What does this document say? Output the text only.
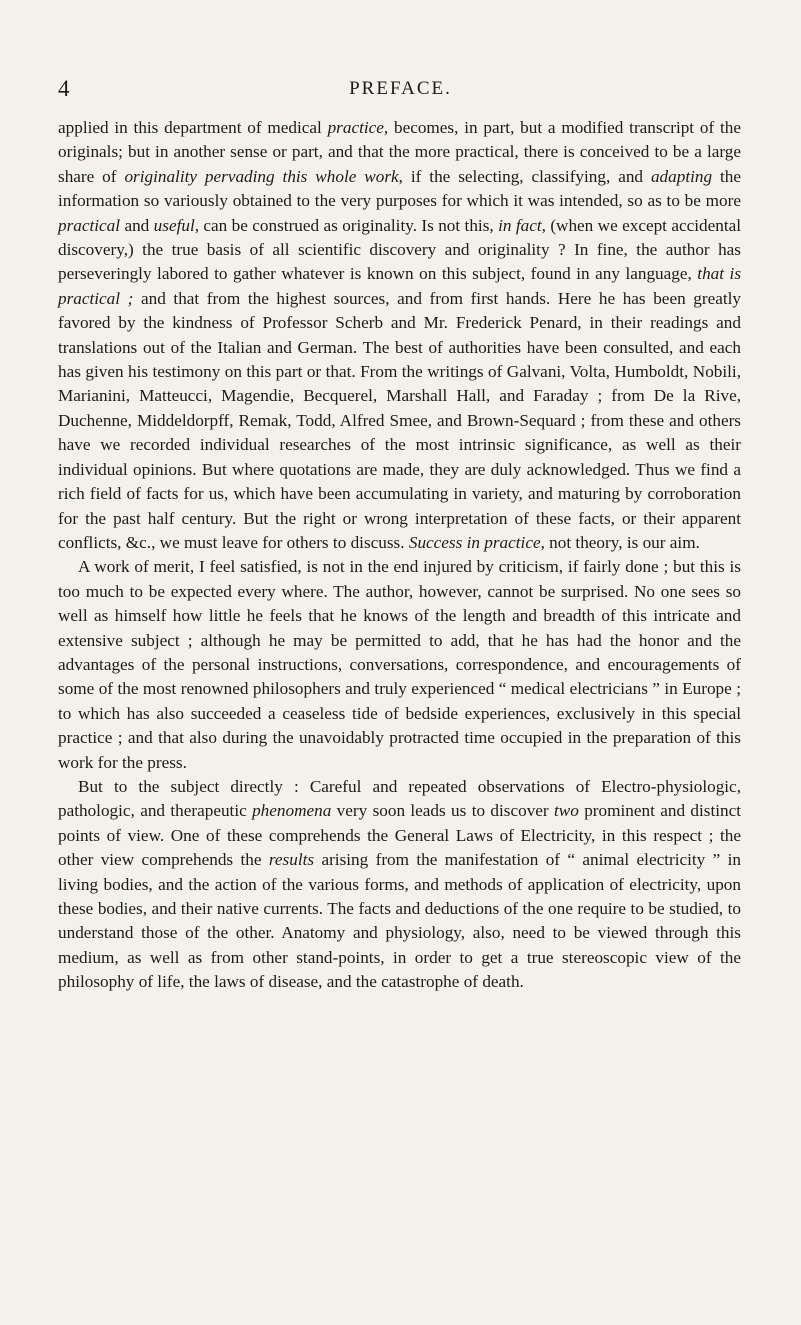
4	PREFACE.

applied in this department of medical practice, becomes, in part, but a modified transcript of the originals; but in another sense or part, and that the more practical, there is conceived to be a large share of originality pervading this whole work, if the selecting, classifying, and adapting the information so variously obtained to the very purposes for which it was intended, so as to be more practical and useful, can be construed as originality. Is not this, in fact, (when we except accidental discovery,) the true basis of all scientific discovery and originality ? In fine, the author has perseveringly labored to gather whatever is known on this subject, found in any language, that is practical ; and that from the highest sources, and from first hands. Here he has been greatly favored by the kindness of Professor Scherb and Mr. Frederick Penard, in their readings and translations out of the Italian and German. The best of authorities have been consulted, and each has given his testimony on this part or that. From the writings of Galvani, Volta, Humboldt, Nobili, Marianini, Matteucci, Magendie, Becquerel, Marshall Hall, and Faraday ; from De la Rive, Duchenne, Middeldorpff, Remak, Todd, Alfred Smee, and Brown-Sequard ; from these and others have we recorded individual researches of the most intrinsic significance, as well as their individual opinions. But where quotations are made, they are duly acknowledged. Thus we find a rich field of facts for us, which have been accumulating in variety, and maturing by corroboration for the past half century. But the right or wrong interpretation of these facts, or their apparent conflicts, &c., we must leave for others to discuss. Success in practice, not theory, is our aim.

A work of merit, I feel satisfied, is not in the end injured by criticism, if fairly done ; but this is too much to be expected every where. The author, however, cannot be surprised. No one sees so well as himself how little he feels that he knows of the length and breadth of this intricate and extensive subject ; although he may be permitted to add, that he has had the honor and the advantages of the personal instructions, conversations, correspondence, and encouragements of some of the most renowned philosophers and truly experienced “ medical electricians ” in Europe ; to which has also succeeded a ceaseless tide of bedside experiences, exclusively in this special practice ; and that also during the unavoidably protracted time occupied in the preparation of this work for the press.

But to the subject directly : Careful and repeated observations of Electro-physiologic, pathologic, and therapeutic phenomena very soon leads us to discover two prominent and distinct points of view. One of these comprehends the General Laws of Electricity, in this respect ; the other view comprehends the results arising from the manifestation of “ animal electricity ” in living bodies, and the action of the various forms, and methods of application of electricity, upon these bodies, and their native currents. The facts and deductions of the one require to be studied, to understand those of the other. Anatomy and physiology, also, need to be viewed through this medium, as well as from other stand-points, in order to get a true stereoscopic view of the philosophy of life, the laws of disease, and the catastrophe of death.
